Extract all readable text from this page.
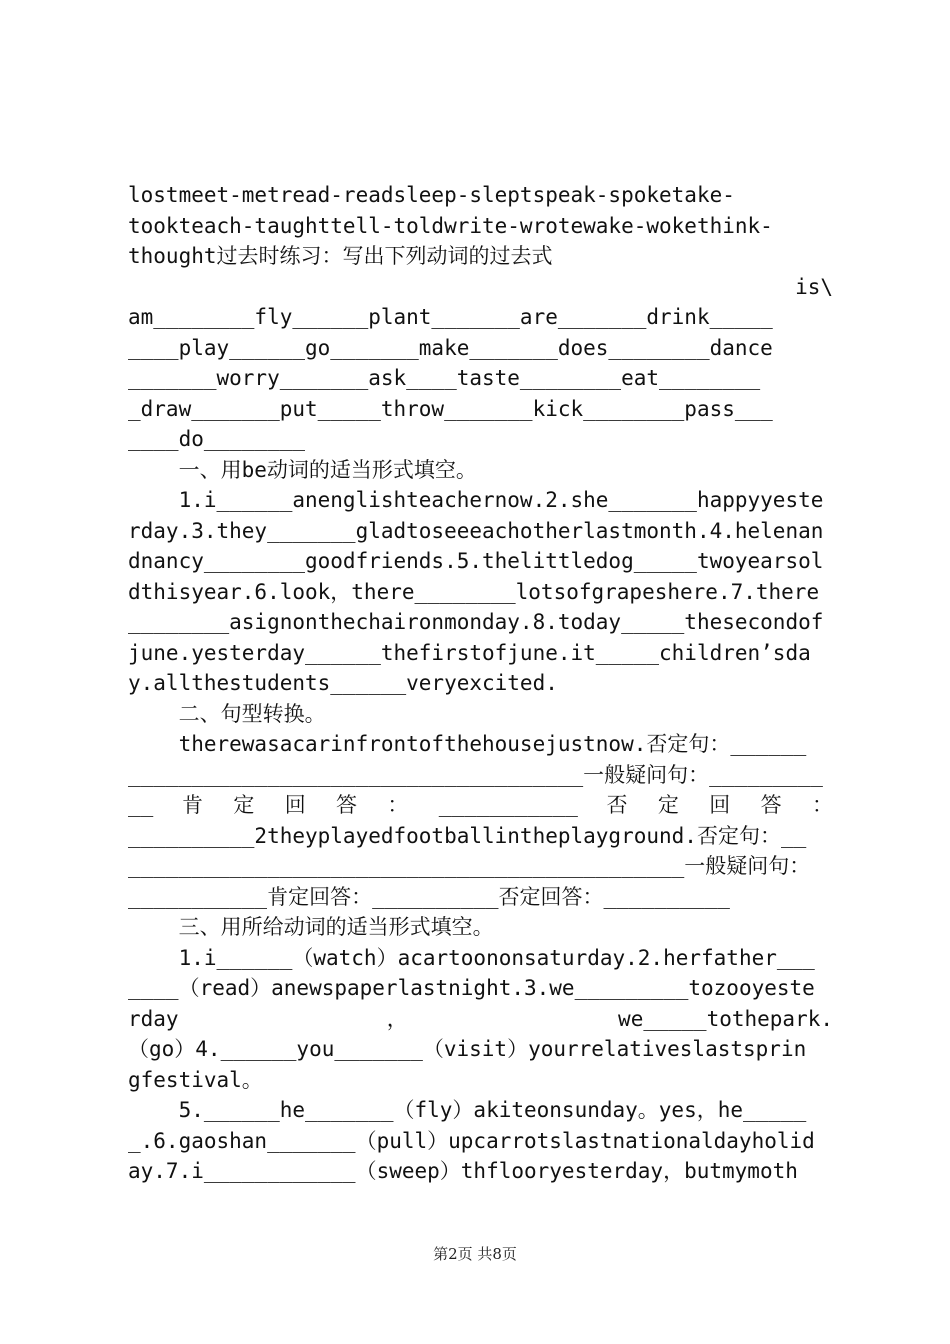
lostmeet-metread-readsleep-sleptspeak-spoketake-
tookteach-taughttell-toldwrite-wrotewake-wokethink-
thought过去时练习：写出下列动词的过去式
is\
am________fly______plant_______are_______drink_____
____play______go_______make_______does________dance
_______worry_______ask____taste________eat________
_draw_______put_____throw_______kick________pass___
____do________
一、用be动词的适当形式填空。
1.i______anenglishteachernow.2.she_______happyyeste
rday.3.they_______gladtoseeeachotherlastmonth.4.helenan
dnancy________goodfriends.5.thelittledog_____twoyearsol
dthisyear.6.look，there________lotsofgrapeshere.7.there
________asignonthechaironmonday.8.today_____thesecondof
june.yesterday______thefirstofjune.it_____children’sda
y.allthestudents______veryexcited.
二、句型转换。
therewasacarinfrontofthehousejustnow.否定句：______
____________________________________一般疑问句：_________
__  肯  定  回  答  ：  ___________  否  定  回  答  ：
__________2theyplayedfootballintheplayground.否定句：__
____________________________________________一般疑问句：
___________肯定回答：__________否定回答：__________
三、用所给动词的适当形式填空。
1.i______（watch）acartoononsaturday.2.herfather___
____（read）anewspaperlastnight.3.we_________tozooyeste
rday              ，              we_____tothepark.
（go）4.______you_______（visit）yourrelativeslastsprin
gfestival。
5.______he_______（fly）akiteonsunday。yes，he_____
_.6.gaoshan_______（pull）upcarrotslastnationaldayholid
ay.7.i____________（sweep）thflooryesterday，butmymoth
第2页 共8页
